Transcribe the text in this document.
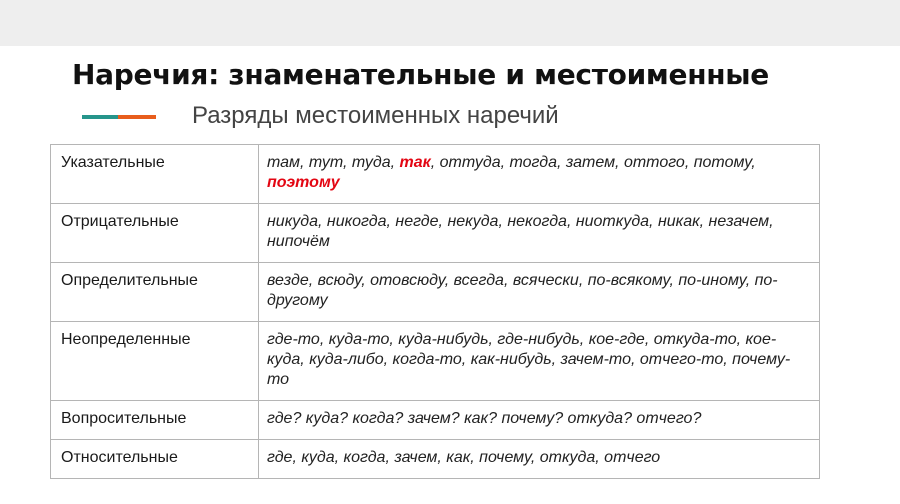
Наречия: знаменательные и местоименные
Разряды местоименных наречий
Указательные	там, тут, туда, так, оттуда, тогда, затем, оттого, потому, поэтому
Отрицательные	никуда, никогда, негде, некуда, некогда, ниоткуда, никак, незачем, нипочём
Определительные	везде, всюду, отовсюду, всегда, всячески, по-всякому, по-иному, по-другому
Неопределенные	где-то, куда-то, куда-нибудь, где-нибудь, кое-где, откуда-то, кое-куда, куда-либо, когда-то, как-нибудь, зачем-то, отчего-то, почему-то
Вопросительные	где? куда? когда? зачем? как? почему? откуда? отчего?
Относительные	где, куда, когда, зачем, как, почему, откуда, отчего
